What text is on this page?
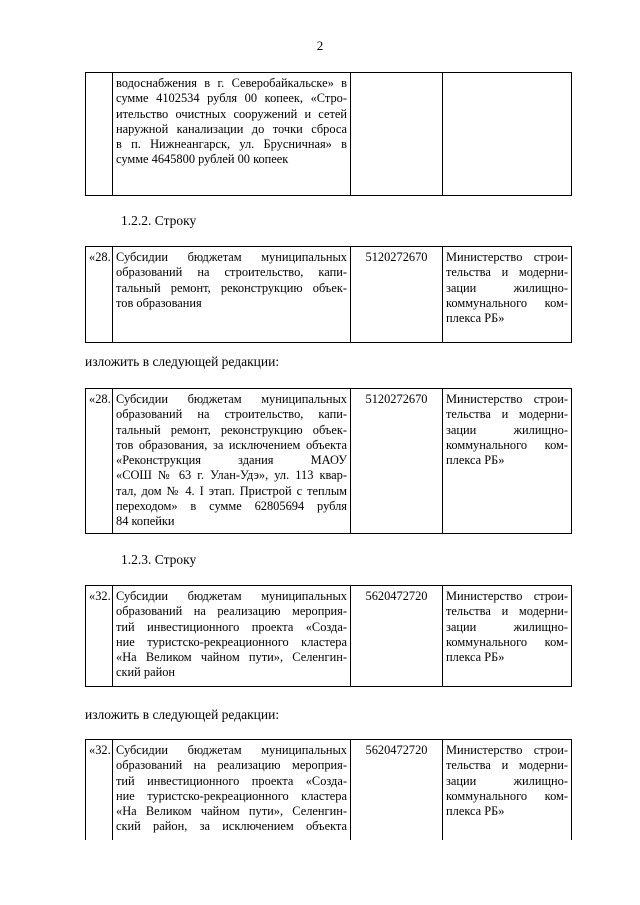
2

водоснабжения в г. Северобайкальске» в
сумме 4102534 рубля 00 копеек, «Стро-
ительство очистных сооружений и сетей
наружной канализации до точки сброса
в п. Нижнеангарск, ул. Брусничная» в
сумме 4645800 рублей 00 копеек

1.2.2. Строку
«28.	Субсидии бюджетам муниципальных
образований на строительство, капи-
тальный ремонт, реконструкцию объек-
тов образования
	5120272670	Министерство строи-
тельства и модерни-
зации жилищно-
коммунального ком-
плекса РБ»
изложить в следующей редакции:
«28.	Субсидии бюджетам муниципальных
образований на строительство, капи-
тальный ремонт, реконструкцию объек-
тов образования, за исключением объекта
«Реконструкция здания МАОУ
«СОШ № 63 г. Улан-Удэ», ул. 113 квар-
тал, дом № 4. I этап. Пристрой с теплым
переходом» в сумме 62805694 рубля
84 копейки
	5120272670	Министерство строи-
тельства и модерни-
зации жилищно-
коммунального ком-
плекса РБ»
1.2.3. Строку
«32.	Субсидии бюджетам муниципальных
образований на реализацию мероприя-
тий инвестиционного проекта «Созда-
ние туристско-рекреационного кластера
«На Великом чайном пути», Селенгин-
ский район
	5620472720	Министерство строи-
тельства и модерни-
зации жилищно-
коммунального ком-
плекса РБ»
изложить в следующей редакции:
«32.	Субсидии бюджетам муниципальных
образований на реализацию мероприя-
тий инвестиционного проекта «Созда-
ние туристско-рекреационного кластера
«На Великом чайном пути», Селенгин-
ский район, за исключением объекта
	5620472720	Министерство строи-
тельства и модерни-
зации жилищно-
коммунального ком-
плекса РБ»
